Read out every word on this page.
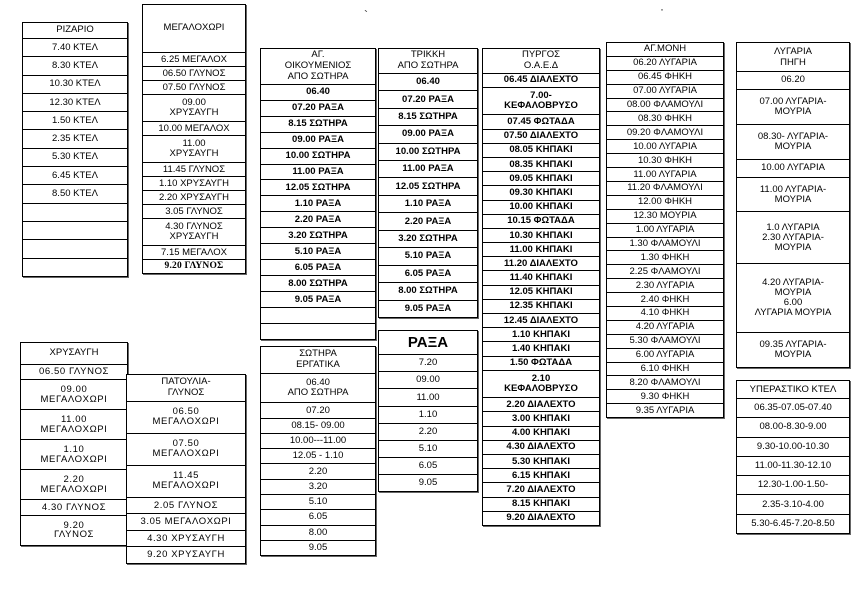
`	·
ΡΙΖΑΡΙΟ
7.40 ΚΤΕΛ
8.30 ΚΤΕΛ
10.30 ΚΤΕΛ
12.30 ΚΤΕΛ
1.50 ΚΤΕΛ
2.35 ΚΤΕΛ
5.30 ΚΤΕΛ
6.45 ΚΤΕΛ
8.50 ΚΤΕΛ
ΜΕΓΑΛΟΧΩΡΙ
6.25 ΜΕΓΑΛΟΧ
06.50 ΓΛΥΝΟΣ
07.50 ΓΛΥΝΟΣ
09.00
ΧΡΥΣΑΥΓΗ
10.00 ΜΕΓΑΛΟΧ
11.00
ΧΡΥΣΑΥΓΗ
11.45 ΓΛΥΝΟΣ
1.10 ΧΡΥΣΑΥΓΗ
2.20 ΧΡΥΣΑΥΓΗ
3.05 ΓΛΥΝΟΣ
4.30 ΓΛΥΝΟΣ
ΧΡΥΣΑΥΓΗ
7.15 ΜΕΓΑΛΟΧ
9.20 ΓΛΥΝΟΣ
ΑΓ.
ΟΙΚΟΥΜΕΝΙΟΣ
ΑΠΟ ΣΩΤΗΡΑ
06.40
07.20 ΡΑΞΑ
8.15 ΣΩΤΗΡΑ
09.00 ΡΑΞΑ
10.00 ΣΩΤΗΡΑ
11.00 ΡΑΞΑ
12.05 ΣΩΤΗΡΑ
1.10 ΡΑΞΑ
2.20 ΡΑΞΑ
3.20 ΣΩΤΗΡΑ
5.10 ΡΑΞΑ
6.05 ΡΑΞΑ
8.00 ΣΩΤΗΡΑ
9.05 ΡΑΞΑ
ΤΡΙΚΚΗ
ΑΠΟ ΣΩΤΗΡΑ
06.40
07.20 ΡΑΞΑ
8.15 ΣΩΤΗΡΑ
09.00 ΡΑΞΑ
10.00 ΣΩΤΗΡΑ
11.00 ΡΑΞΑ
12.05 ΣΩΤΗΡΑ
1.10 ΡΑΞΑ
2.20 ΡΑΞΑ
3.20 ΣΩΤΗΡΑ
5.10 ΡΑΞΑ
6.05 ΡΑΞΑ
8.00 ΣΩΤΗΡΑ
9.05 ΡΑΞΑ
ΠΥΡΓΟΣ
Ο.Α.Ε.Δ
06.45 ΔΙΑΛΕΧΤΟ
7.00-
ΚΕΦΑΛΟΒΡΥΣΟ
07.45 ΦΩΤΑΔΑ
07.50 ΔΙΑΛΕΧΤΟ
08.05 ΚΗΠΑΚΙ
08.35 ΚΗΠΑΚΙ
09.05 ΚΗΠΑΚΙ
09.30 ΚΗΠΑΚΙ
10.00 ΚΗΠΑΚΙ
10.15 ΦΩΤΑΔΑ
10.30 ΚΗΠΑΚΙ
11.00 ΚΗΠΑΚΙ
11.20 ΔΙΑΛΕΧΤΟ
11.40 ΚΗΠΑΚΙ
12.05 ΚΗΠΑΚΙ
12.35 ΚΗΠΑΚΙ
12.45 ΔΙΑΛΕΧΤΟ
1.10 ΚΗΠΑΚΙ
1.40 ΚΗΠΑΚΙ
1.50 ΦΩΤΑΔΑ
2.10
ΚΕΦΑΛΟΒΡΥΣΟ
2.20 ΔΙΑΛΕΧΤΟ
3.00 ΚΗΠΑΚΙ
4.00 ΚΗΠΑΚΙ
4.30 ΔΙΑΛΕΧΤΟ
5.30 ΚΗΠΑΚΙ
6.15 ΚΗΠΑΚΙ
7.20 ΔΙΑΛΕΧΤΟ
8.15 ΚΗΠΑΚΙ
9.20 ΔΙΑΛΕΧΤΟ
ΑΓ.ΜΟΝΗ
06.20 ΛΥΓΑΡΙΑ
06.45 ΦΗΚΗ
07.00 ΛΥΓΑΡΙΑ
08.00 ΦΛΑΜΟΥΛΙ
08.30 ΦΗΚΗ
09.20 ΦΛΑΜΟΥΛΙ
10.00 ΛΥΓΑΡΙΑ
10.30 ΦΗΚΗ
11.00 ΛΥΓΑΡΙΑ
11.20 ΦΛΑΜΟΥΛΙ
12.00 ΦΗΚΗ
12.30 ΜΟΥΡΙΑ
1.00 ΛΥΓΑΡΙΑ
1.30 ΦΛΑΜΟΥΛΙ
1.30 ΦΗΚΗ
2.25 ΦΛΑΜΟΥΛΙ
2.30 ΛΥΓΑΡΙΑ
2.40 ΦΗΚΗ
4.10 ΦΗΚΗ
4.20 ΛΥΓΑΡΙΑ
5.30 ΦΛΑΜΟΥΛΙ
6.00 ΛΥΓΑΡΙΑ
6.10 ΦΗΚΗ
8.20 ΦΛΑΜΟΥΛΙ
9.30 ΦΗΚΗ
9.35 ΛΥΓΑΡΙΑ
ΛΥΓΑΡΙΑ
ΠΗΓΗ
06.20
07.00 ΛΥΓΑΡΙΑ-
ΜΟΥΡΙΑ
08.30- ΛΥΓΑΡΙΑ-
ΜΟΥΡΙΑ
10.00 ΛΥΓΑΡΙΑ
11.00 ΛΥΓΑΡΙΑ-
ΜΟΥΡΙΑ
1.0 ΛΥΓΑΡΙΑ
2.30 ΛΥΓΑΡΙΑ-
ΜΟΥΡΙΑ
4.20 ΛΥΓΑΡΙΑ-
ΜΟΥΡΙΑ
6.00
ΛΥΓΑΡΙΑ ΜΟΥΡΙΑ
09.35 ΛΥΓΑΡΙΑ-
ΜΟΥΡΙΑ
ΥΠΕΡΑΣΤΙΚΟ ΚΤΕΛ
06.35-07.05-07.40
08.00-8.30-9.00
9.30-10.00-10.30
11.00-11.30-12.10
12.30-1.00-1.50-
2.35-3.10-4.00
5.30-6.45-7.20-8.50
ΧΡΥΣΑΥΓΗ
06.50 ΓΛΥΝΟΣ
09.00
ΜΕΓΑΛΟΧΩΡΙ
11.00
ΜΕΓΑΛΟΧΩΡΙ
1.10
ΜΕΓΑΛΟΧΩΡΙ
2.20
ΜΕΓΑΛΟΧΩΡΙ
4.30 ΓΛΥΝΟΣ
9.20
ΓΛΥΝΟΣ
ΠΑΤΟΥΛΙΑ-
ΓΛΥΝΟΣ
06.50
ΜΕΓΑΛΟΧΩΡΙ
07.50
ΜΕΓΑΛΟΧΩΡΙ
11.45
ΜΕΓΑΛΟΧΩΡΙ
2.05 ΓΛΥΝΟΣ
3.05 ΜΕΓΑΛΟΧΩΡΙ
4.30 ΧΡΥΣΑΥΓΗ
9.20 ΧΡΥΣΑΥΓΗ
ΣΩΤΗΡΑ
ΕΡΓΑΤΙΚΑ
06.40
ΑΠΟ ΣΩΤΗΡΑ
07.20
08.15- 09.00
10.00---11.00
12.05 - 1.10
2.20
3.20
5.10
6.05
8.00
9.05
ΡΑΞΑ
7.20
09.00
11.00
1.10
2.20
5.10
6.05
9.05
